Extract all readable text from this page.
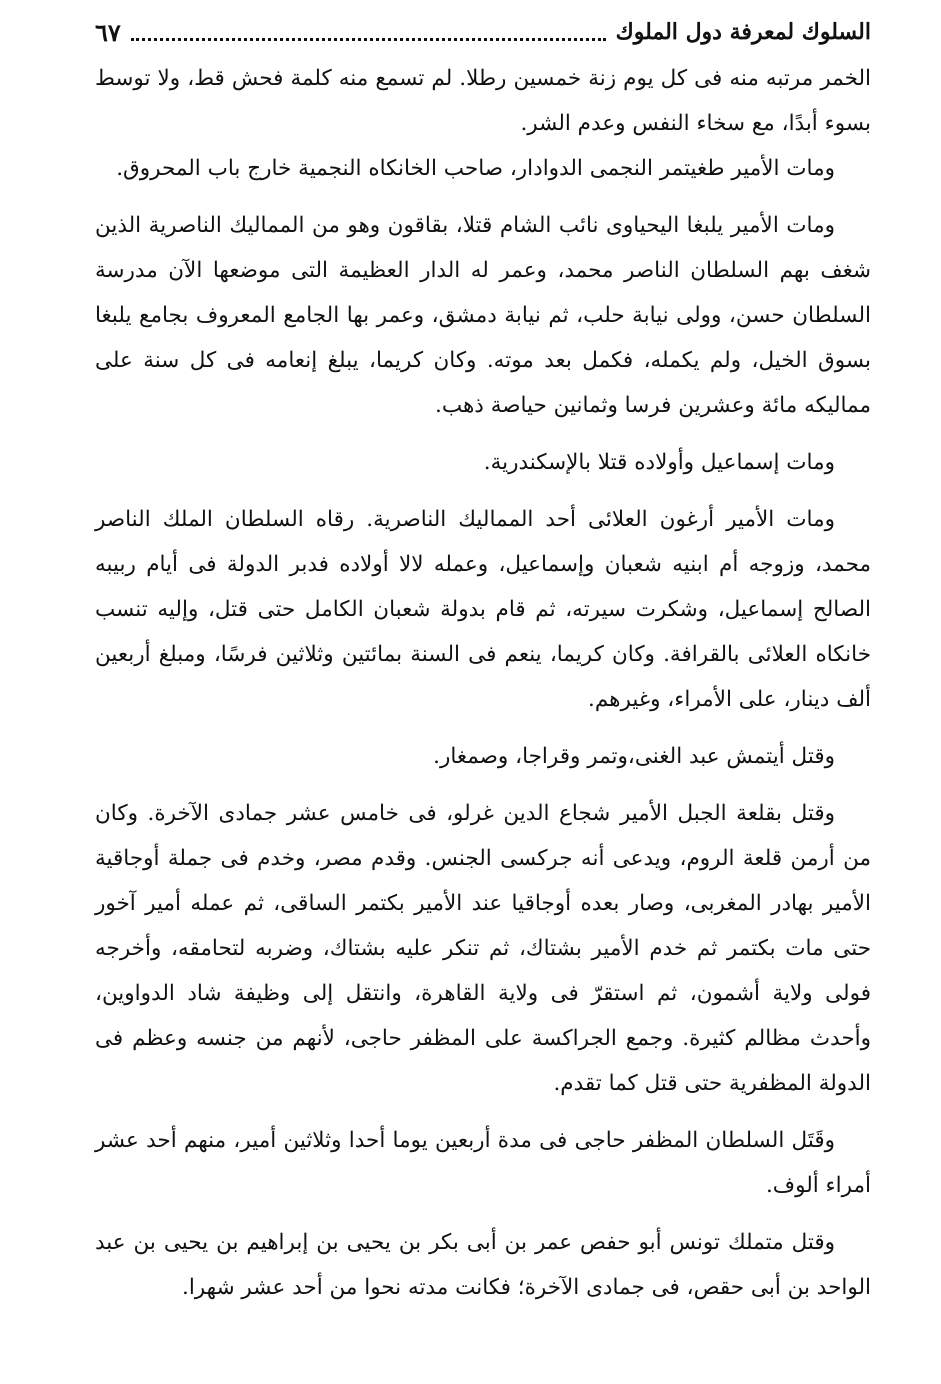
السلوك لمعرفة دول الملوك
٦٧

الخمر مرتبه منه فى كل يوم زنة خمسين رطلا. لم تسمع منه كلمة فحش قط، ولا توسط بسوء أبدًا، مع سخاء النفس وعدم الشر.

ومات الأمير طغيتمر النجمى الدوادار، صاحب الخانكاه النجمية خارج باب المحروق.

ومات الأمير يلبغا اليحياوى نائب الشام قتلا، بقاقون وهو من المماليك الناصرية الذين شغف بهم السلطان الناصر محمد، وعمر له الدار العظيمة التى موضعها الآن مدرسة السلطان حسن، وولى نيابة حلب، ثم نيابة دمشق، وعمر بها الجامع المعروف بجامع يلبغا بسوق الخيل، ولم يكمله، فكمل بعد موته. وكان كريما، يبلغ إنعامه فى كل سنة على مماليكه مائة وعشرين فرسا وثمانين حياصة ذهب.

ومات إسماعيل وأولاده قتلا بالإسكندرية.

ومات الأمير أرغون العلائى أحد المماليك الناصرية. رقاه السلطان الملك الناصر محمد، وزوجه أم ابنيه شعبان وإسماعيل، وعمله لالا أولاده فدبر الدولة فى أيام ربيبه الصالح إسماعيل، وشكرت سيرته، ثم قام بدولة شعبان الكامل حتى قتل، وإليه تنسب خانكاه العلائى بالقرافة. وكان كريما، ينعم فى السنة بمائتين وثلاثين فرسًا، ومبلغ أربعين ألف دينار، على الأمراء، وغيرهم.

وقتل أيتمش عبد الغنى،وتمر وقراجا، وصمغار.

وقتل بقلعة الجبل الأمير شجاع الدين غرلو، فى خامس عشر جمادى الآخرة. وكان من أرمن قلعة الروم، ويدعى أنه جركسى الجنس. وقدم مصر، وخدم فى جملة أوجاقية الأمير بهادر المغربى، وصار بعده أوجاقيا عند الأمير بكتمر الساقى، ثم عمله أمير آخور حتى مات بكتمر ثم خدم الأمير بشتاك، ثم تنكر عليه بشتاك، وضربه لتحامقه، وأخرجه فولى ولاية أشمون، ثم استقرّ فى ولاية القاهرة، وانتقل إلى وظيفة شاد الدواوين، وأحدث مظالم كثيرة. وجمع الجراكسة على المظفر حاجى، لأنهم من جنسه وعظم فى الدولة المظفرية حتى قتل كما تقدم.

وقَتَل السلطان المظفر حاجى فى مدة أربعين يوما أحدا وثلاثين أمير، منهم أحد عشر أمراء ألوف.

وقتل متملك تونس أبو حفص عمر بن أبى بكر بن يحيى بن إبراهيم بن يحيى بن عبد الواحد بن أبى حقص، فى جمادى الآخرة؛ فكانت مدته نحوا من أحد عشر شهرا.
